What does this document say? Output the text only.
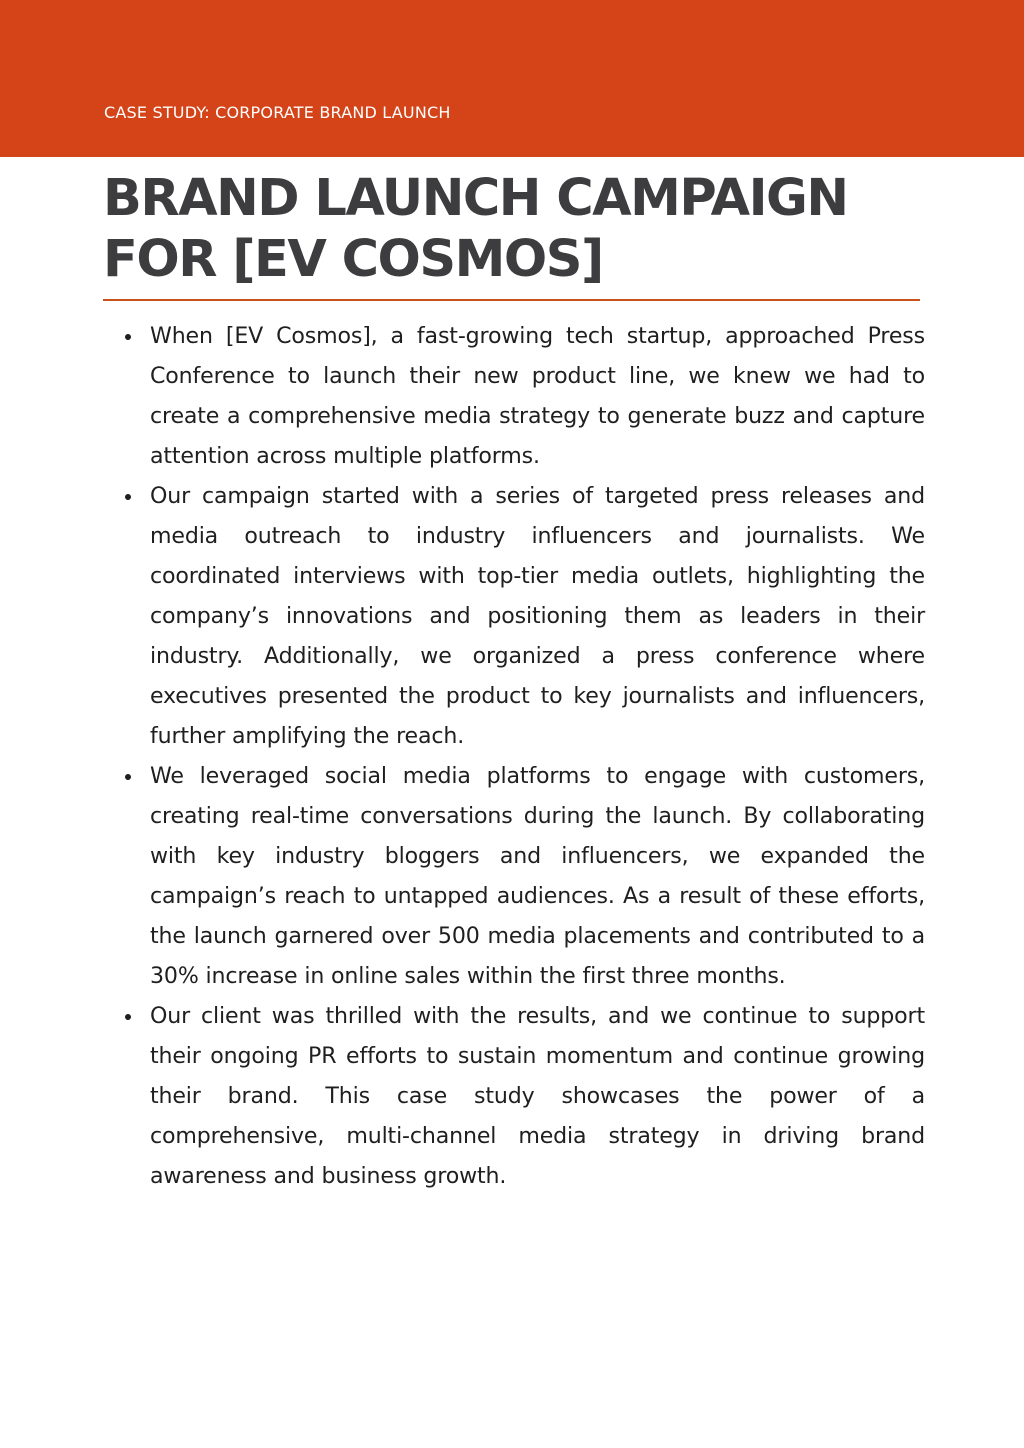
CASE STUDY: CORPORATE BRAND LAUNCH
BRAND LAUNCH CAMPAIGN
FOR [EV COSMOS]
When [EV Cosmos], a fast-growing tech startup, approached Press Conference to launch their new product line, we knew we had to create a comprehensive media strategy to generate buzz and capture attention across multiple platforms.
Our campaign started with a series of targeted press releases and media outreach to industry influencers and journalists. We coordinated interviews with top-tier media outlets, highlighting the company’s innovations and positioning them as leaders in their industry. Additionally, we organized a press conference where executives presented the product to key journalists and influencers, further amplifying the reach.
We leveraged social media platforms to engage with customers, creating real-time conversations during the launch. By collaborating with key industry bloggers and influencers, we expanded the campaign’s reach to untapped audiences. As a result of these efforts, the launch garnered over 500 media placements and contributed to a 30% increase in online sales within the first three months.
Our client was thrilled with the results, and we continue to support their ongoing PR efforts to sustain momentum and continue growing their brand. This case study showcases the power of a comprehensive, multi-channel media strategy in driving brand awareness and business growth.
